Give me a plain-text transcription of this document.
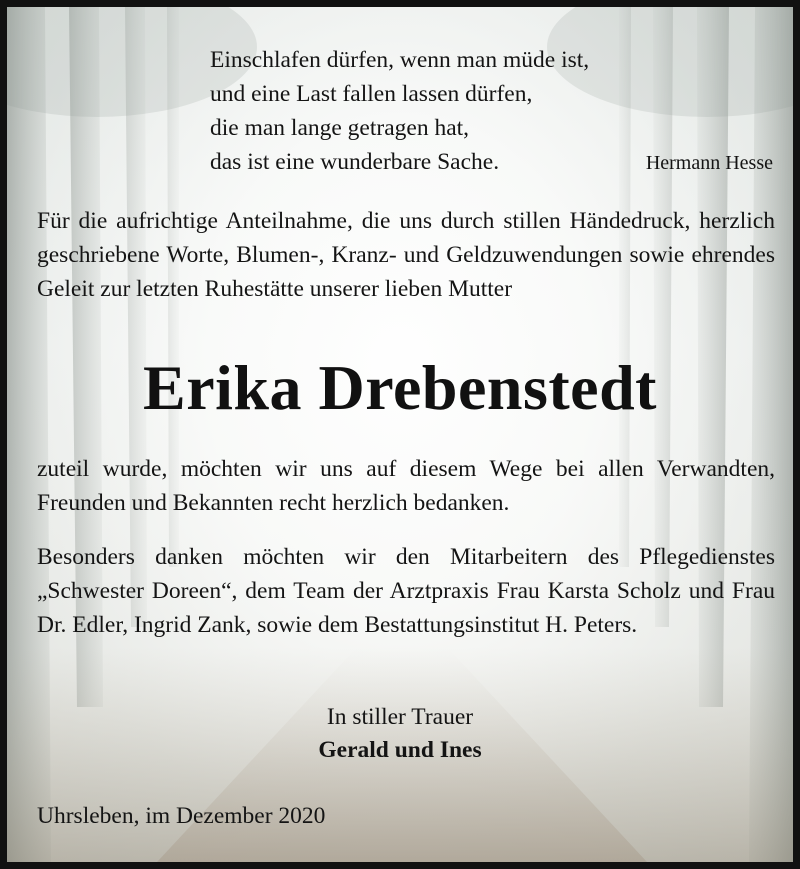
Einschlafen dürfen, wenn man müde ist,
und eine Last fallen lassen dürfen,
die man lange getragen hat,
das ist eine wunderbare Sache.	Hermann Hesse

Für die aufrichtige Anteilnahme, die uns durch stillen Händedruck, herzlich geschriebene Worte, Blumen-, Kranz- und Geldzuwendungen sowie ehrendes Geleit zur letzten Ruhestätte unserer lieben Mutter

Erika Drebenstedt

zuteil wurde, möchten wir uns auf diesem Wege bei allen Verwandten, Freunden und Bekannten recht herzlich bedanken.

Besonders danken möchten wir den Mitarbeitern des Pflegedienstes „Schwester Doreen“, dem Team der Arztpraxis Frau Karsta Scholz und Frau Dr. Edler, Ingrid Zank, sowie dem Bestattungsinstitut H. Peters.

In stiller Trauer
Gerald und Ines
Uhrsleben, im Dezember 2020
